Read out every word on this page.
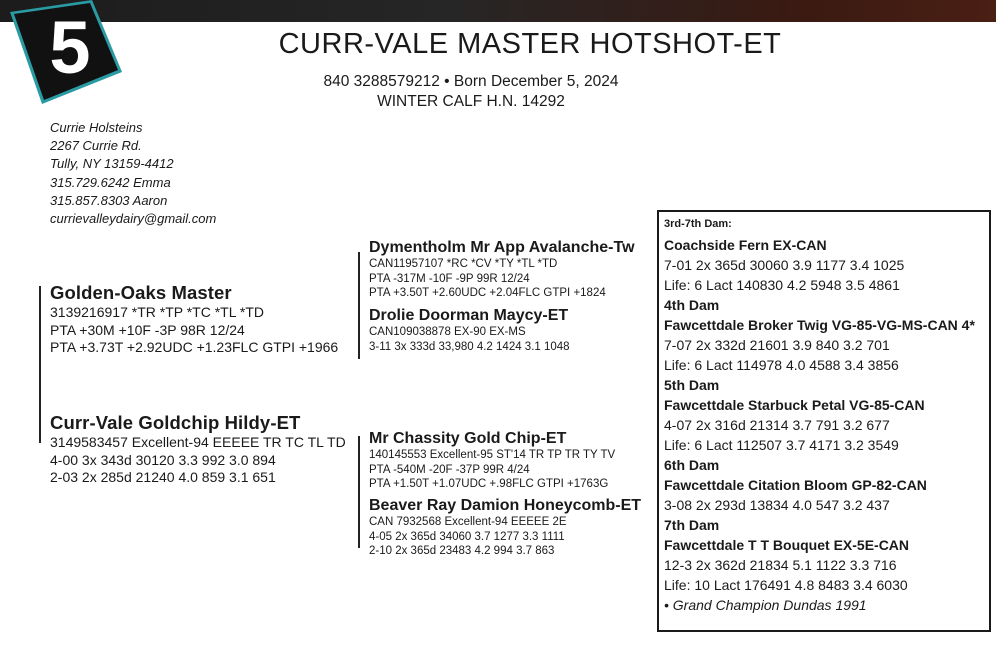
5	CURR-VALE MASTER HOTSHOT-ET
840 3288579212 • Born December 5, 2024
WINTER CALF H.N. 14292
Currie Holsteins
2267 Currie Rd.
Tully, NY 13159-4412
315.729.6242 Emma
315.857.8303 Aaron
currievalleydairy@gmail.com
Golden-Oaks Master
3139216917 *TR *TP *TC *TL *TD
PTA +30M +10F -3P 98R 12/24
PTA +3.73T +2.92UDC +1.23FLC GTPI +1966
Curr-Vale Goldchip Hildy-ET
3149583457 Excellent-94 EEEEE TR TC TL TD
4-00 3x 343d 30120 3.3 992 3.0 894
2-03 2x 285d 21240 4.0 859 3.1 651
Dymentholm Mr App Avalanche-Tw
CAN11957107 *RC *CV *TY *TL *TD
PTA -317M -10F -9P 99R 12/24
PTA +3.50T +2.60UDC +2.04FLC GTPI +1824
Drolie Doorman Maycy-ET
CAN109038878 EX-90 EX-MS
3-11 3x 333d 33,980 4.2 1424 3.1 1048
Mr Chassity Gold Chip-ET
140145553 Excellent-95 ST'14 TR TP TR TY TV
PTA -540M -20F -37P 99R 4/24
PTA +1.50T +1.07UDC +.98FLC GTPI +1763G
Beaver Ray Damion Honeycomb-ET
CAN 7932568 Excellent-94 EEEEE 2E
4-05 2x 365d 34060 3.7 1277 3.3 1111
2-10 2x 365d 23483 4.2 994 3.7 863
3rd-7th Dam:
Coachside Fern EX-CAN
7-01 2x 365d 30060 3.9 1177 3.4 1025
Life: 6 Lact 140830 4.2 5948 3.5 4861
4th Dam
Fawcettdale Broker Twig VG-85-VG-MS-CAN 4*
7-07 2x 332d 21601 3.9 840 3.2 701
Life: 6 Lact 114978 4.0 4588 3.4 3856
5th Dam
Fawcettdale Starbuck Petal VG-85-CAN
4-07 2x 316d 21314 3.7 791 3.2 677
Life: 6 Lact 112507 3.7 4171 3.2 3549
6th Dam
Fawcettdale Citation Bloom GP-82-CAN
3-08 2x 293d 13834 4.0 547 3.2 437
7th Dam
Fawcettdale T T Bouquet EX-5E-CAN
12-3 2x 362d 21834 5.1 1122 3.3 716
Life: 10 Lact 176491 4.8 8483 3.4 6030
• Grand Champion Dundas 1991
